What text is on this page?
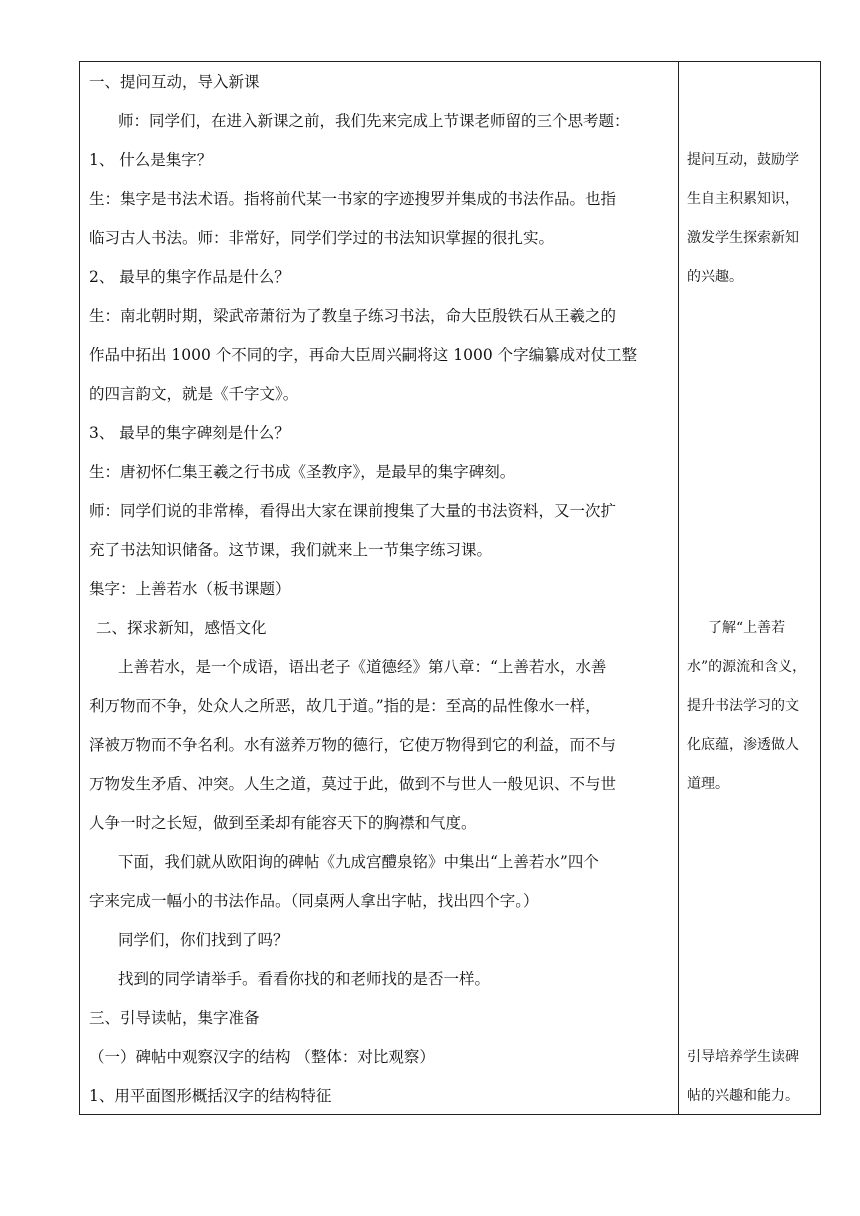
一、提问互动，导入新课

师：同学们，在进入新课之前，我们先来完成上节课老师留的三个思考题：

1、 什么是集字？

生：集字是书法术语。指将前代某一书家的字迹搜罗并集成的书法作品。也指

临习古人书法。师：非常好，同学们学过的书法知识掌握的很扎实。

2、 最早的集字作品是什么？

生：南北朝时期，梁武帝萧衍为了教皇子练习书法，命大臣殷铁石从王羲之的

作品中拓出 1000 个不同的字，再命大臣周兴嗣将这 1000 个字编纂成对仗工整

的四言韵文，就是《千字文》。

3、 最早的集字碑刻是什么？

生：唐初怀仁集王羲之行书成《圣教序》，是最早的集字碑刻。

师：同学们说的非常棒，看得出大家在课前搜集了大量的书法资料，又一次扩

充了书法知识储备。这节课，我们就来上一节集字练习课。

集字：上善若水（板书课题）

二、探求新知，感悟文化

上善若水，是一个成语，语出老子《道德经》第八章：“上善若水，水善

利万物而不争，处众人之所恶，故几于道。”指的是：至高的品性像水一样，

泽被万物而不争名利。水有滋养万物的德行，它使万物得到它的利益，而不与

万物发生矛盾、冲突。人生之道，莫过于此，做到不与世人一般见识、不与世

人争一时之长短，做到至柔却有能容天下的胸襟和气度。

下面，我们就从欧阳询的碑帖《九成宫醴泉铭》中集出“上善若水”四个

字来完成一幅小的书法作品。（同桌两人拿出字帖，找出四个字。）

同学们，你们找到了吗？

找到的同学请举手。看看你找的和老师找的是否一样。

三、引导读帖，集字准备

（一）碑帖中观察汉字的结构 （整体：对比观察）

1、用平面图形概括汉字的结构特征

提问互动，鼓励学

生自主积累知识，

激发学生探索新知

的兴趣。

了解“上善若

水”的源流和含义，

提升书法学习的文

化底蕴，渗透做人

道理。

引导培养学生读碑

帖的兴趣和能力。
